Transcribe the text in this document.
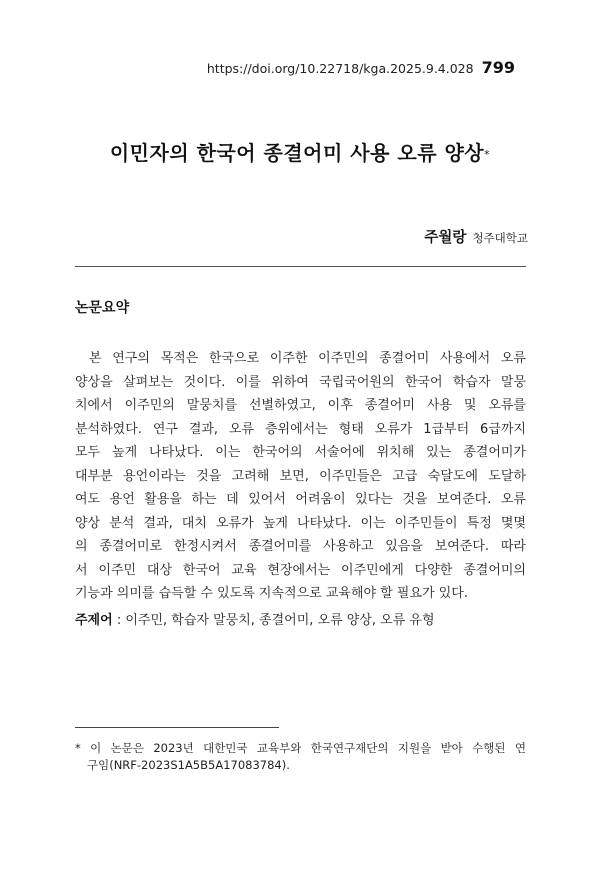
https://doi.org/10.22718/kga.2025.9.4.028 799
이민자의 한국어 종결어미 사용 오류 양상*
주월랑 청주대학교
논문요약
본 연구의 목적은 한국으로 이주한 이주민의 종결어미 사용에서 오류
양상을 살펴보는 것이다. 이를 위하여 국립국어원의 한국어 학습자 말뭉
치에서 이주민의 말뭉치를 선별하였고, 이후 종결어미 사용 및 오류를
분석하였다. 연구 결과, 오류 층위에서는 형태 오류가 1급부터 6급까지
모두 높게 나타났다. 이는 한국어의 서술어에 위치해 있는 종결어미가
대부분 용언이라는 것을 고려해 보면, 이주민들은 고급 숙달도에 도달하
여도 용언 활용을 하는 데 있어서 어려움이 있다는 것을 보여준다. 오류
양상 분석 결과, 대치 오류가 높게 나타났다. 이는 이주민들이 특정 몇몇
의 종결어미로 한정시켜서 종결어미를 사용하고 있음을 보여준다. 따라
서 이주민 대상 한국어 교육 현장에서는 이주민에게 다양한 종결어미의
기능과 의미를 습득할 수 있도록 지속적으로 교육해야 할 필요가 있다.
주제어 : 이주민, 학습자 말뭉치, 종결어미, 오류 양상, 오류 유형
* 이 논문은 2023년 대한민국 교육부와 한국연구재단의 지원을 받아 수행된 연
구임(NRF-2023S1A5B5A17083784).
